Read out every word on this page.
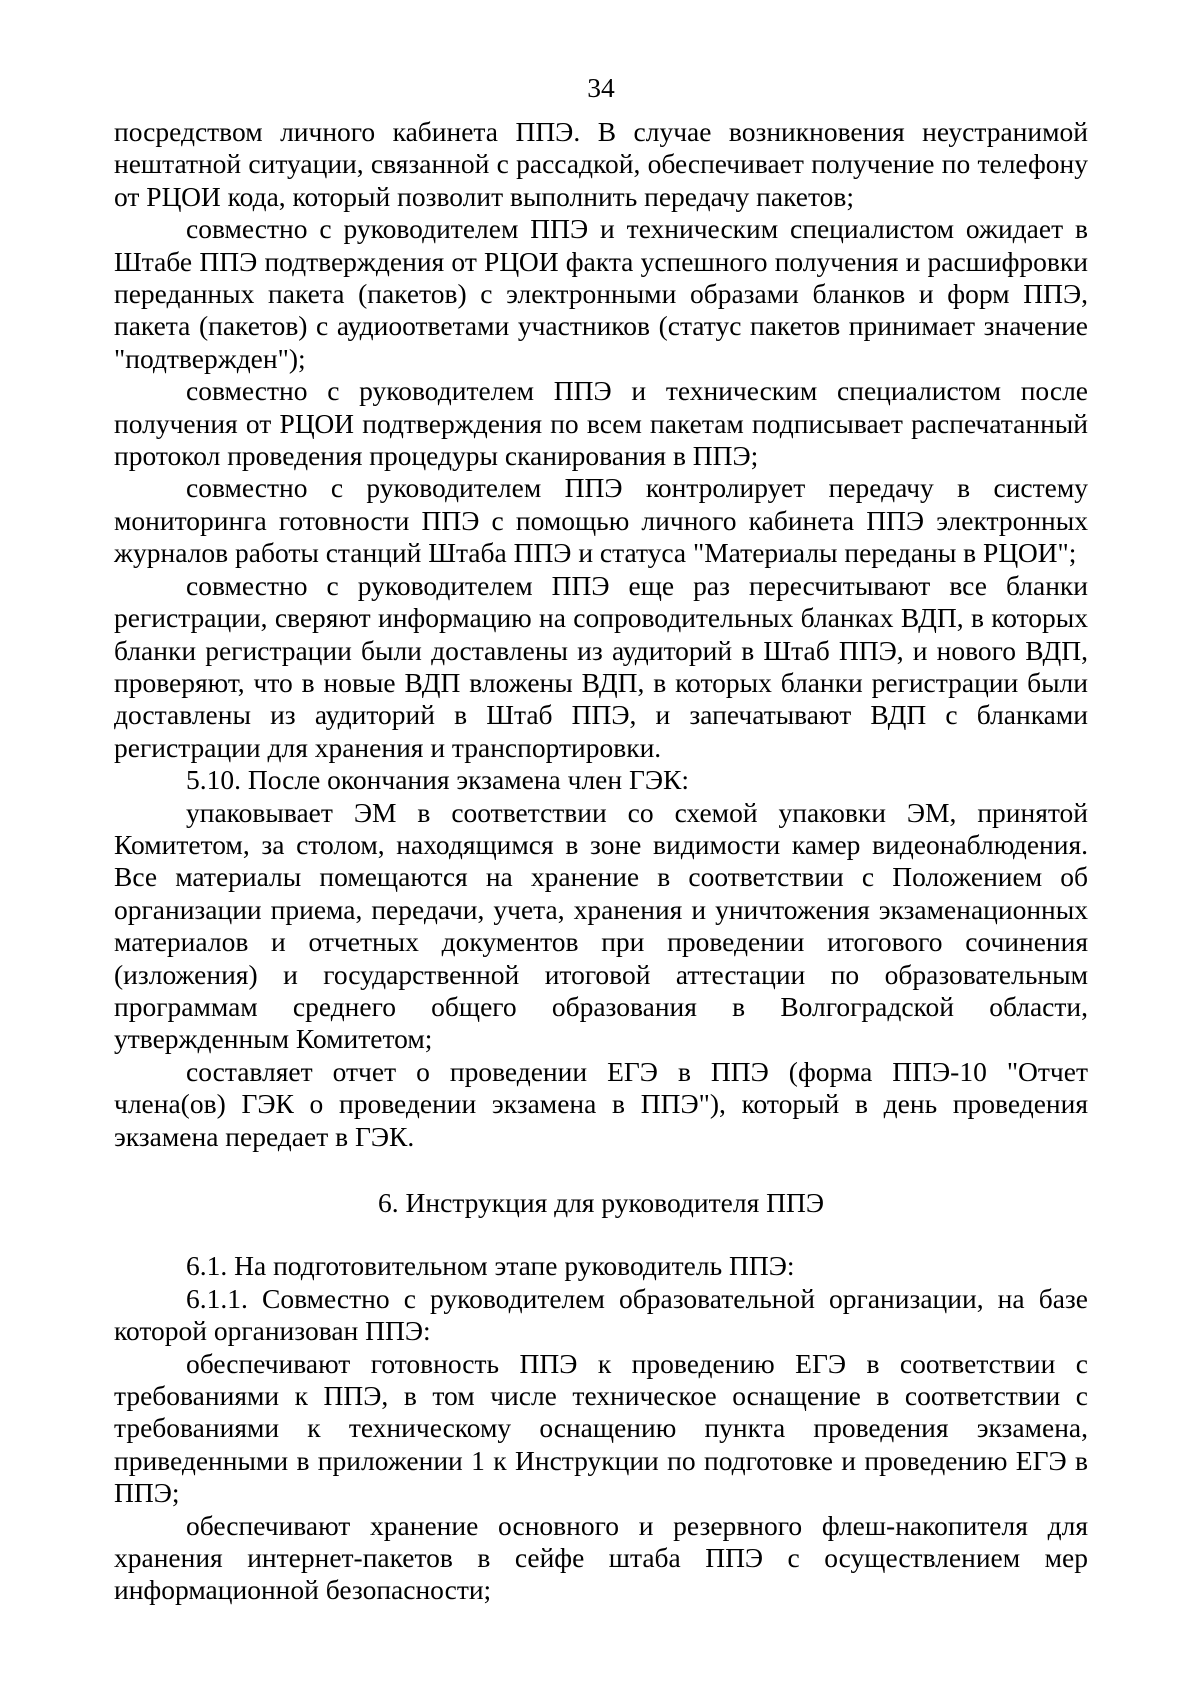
34

посредством личного кабинета ППЭ. В случае возникновения неустранимой нештатной ситуации, связанной с рассадкой, обеспечивает получение по телефону от РЦОИ кода, который позволит выполнить передачу пакетов;

совместно с руководителем ППЭ и техническим специалистом ожидает в Штабе ППЭ подтверждения от РЦОИ факта успешного получения и расшифровки переданных пакета (пакетов) с электронными образами бланков и форм ППЭ, пакета (пакетов) с аудиоответами участников (статус пакетов принимает значение "подтвержден");

совместно с руководителем ППЭ и техническим специалистом после получения от РЦОИ подтверждения по всем пакетам подписывает распечатанный протокол проведения процедуры сканирования в ППЭ;

совместно с руководителем ППЭ контролирует передачу в систему мониторинга готовности ППЭ с помощью личного кабинета ППЭ электронных журналов работы станций Штаба ППЭ и статуса "Материалы переданы в РЦОИ";

совместно с руководителем ППЭ еще раз пересчитывают все бланки регистрации, сверяют информацию на сопроводительных бланках ВДП, в которых бланки регистрации были доставлены из аудиторий в Штаб ППЭ, и нового ВДП, проверяют, что в новые ВДП вложены ВДП, в которых бланки регистрации были доставлены из аудиторий в Штаб ППЭ, и запечатывают ВДП с бланками регистрации для хранения и транспортировки.

5.10. После окончания экзамена член ГЭК:

упаковывает ЭМ в соответствии со схемой упаковки ЭМ, принятой Комитетом, за столом, находящимся в зоне видимости камер видеонаблюдения. Все материалы помещаются на хранение в соответствии с Положением об организации приема, передачи, учета, хранения и уничтожения экзаменационных материалов и отчетных документов при проведении итогового сочинения (изложения) и государственной итоговой аттестации по образовательным программам среднего общего образования в Волгоградской области, утвержденным Комитетом;

составляет отчет о проведении ЕГЭ в ППЭ (форма ППЭ-10 "Отчет члена(ов) ГЭК о проведении экзамена в ППЭ"), который в день проведения экзамена передает в ГЭК.

6. Инструкция для руководителя ППЭ

6.1. На подготовительном этапе руководитель ППЭ:

6.1.1. Совместно с руководителем образовательной организации, на базе которой организован ППЭ:

обеспечивают готовность ППЭ к проведению ЕГЭ в соответствии с требованиями к ППЭ, в том числе техническое оснащение в соответствии с требованиями к техническому оснащению пункта проведения экзамена, приведенными в приложении 1 к Инструкции по подготовке и проведению ЕГЭ в ППЭ;

обеспечивают хранение основного и резервного флеш-накопителя для хранения интернет-пакетов в сейфе штаба ППЭ с осуществлением мер информационной безопасности;
